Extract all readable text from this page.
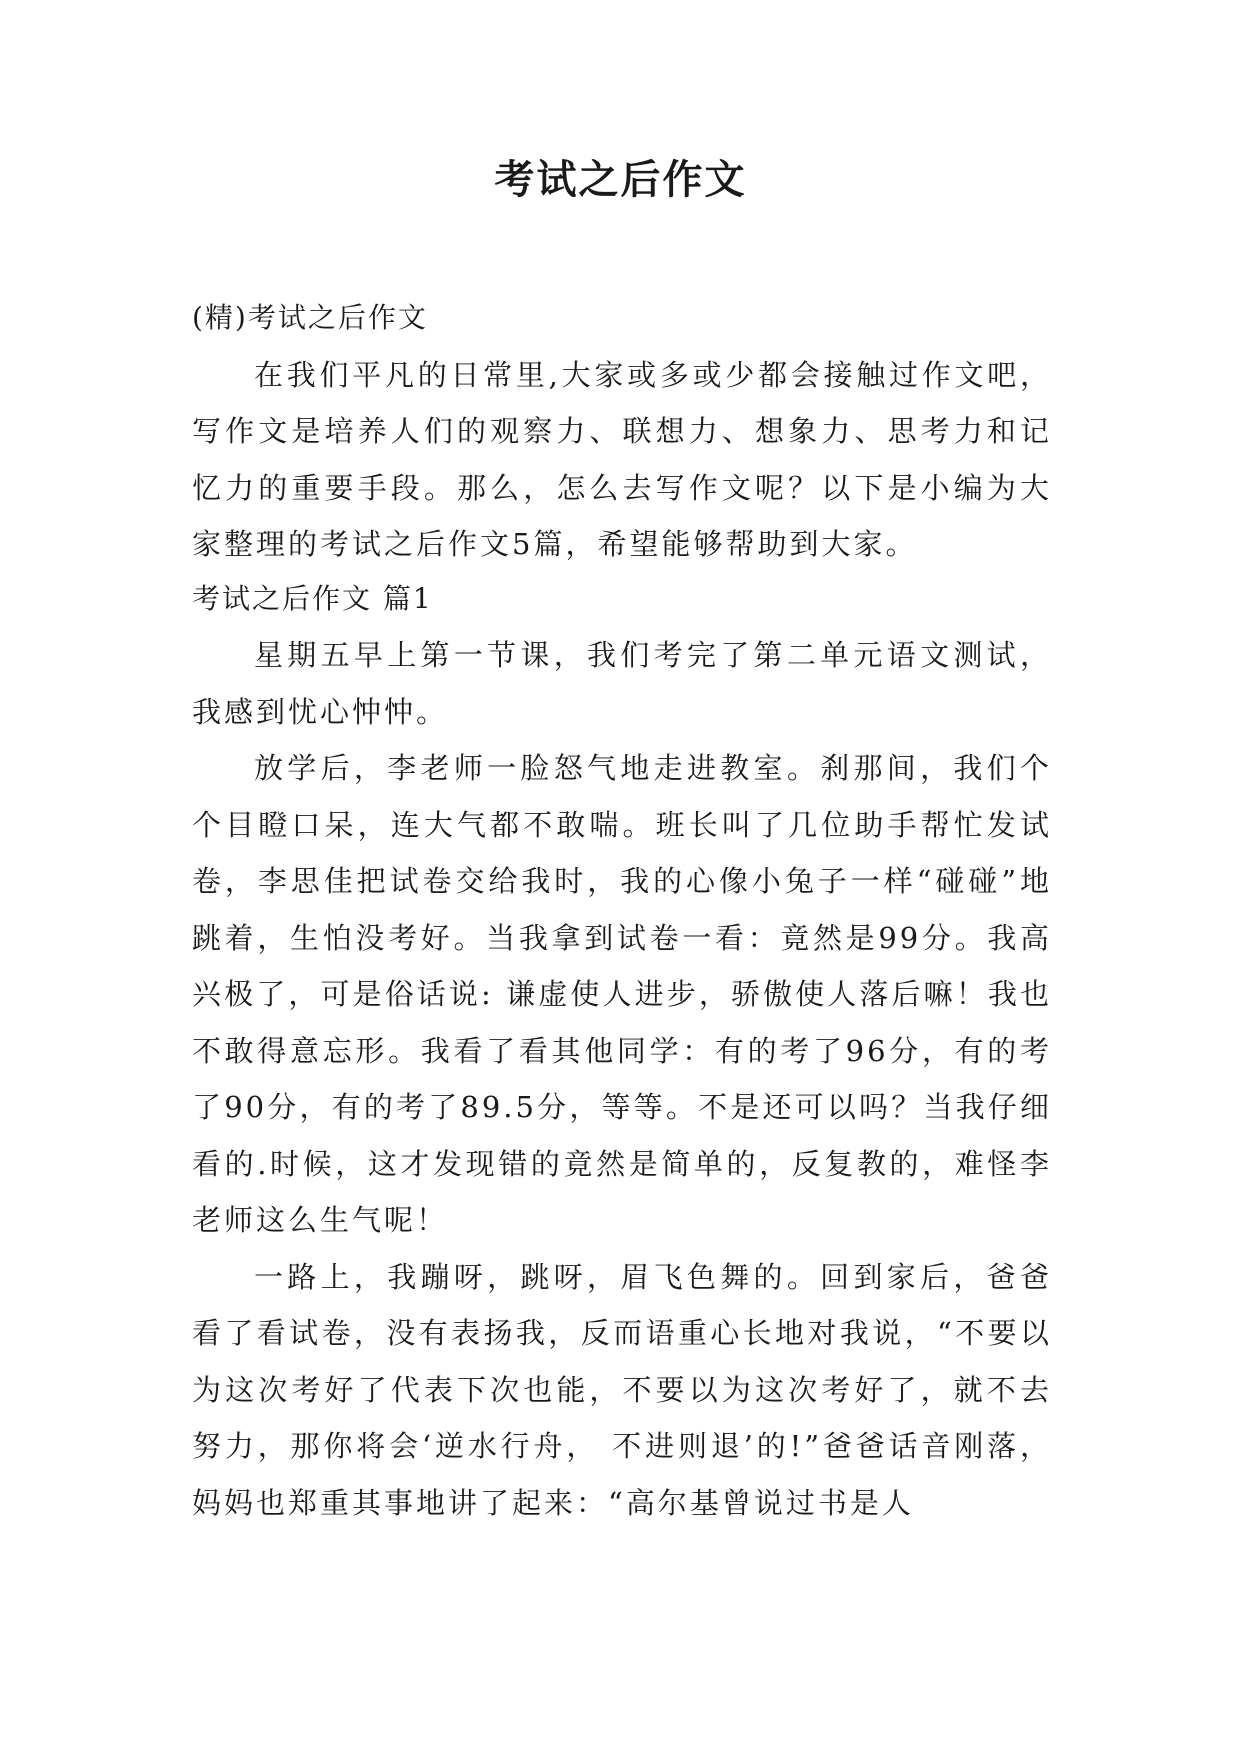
考试之后作文

(精)考试之后作文

在我们平凡的日常里,大家或多或少都会接触过作文吧，写作文是培养人们的观察力、联想力、想象力、思考力和记忆力的重要手段。那么，怎么去写作文呢？以下是小编为大家整理的考试之后作文5篇，希望能够帮助到大家。

考试之后作文 篇1

星期五早上第一节课，我们考完了第二单元语文测试，我感到忧心忡忡。

放学后，李老师一脸怒气地走进教室。刹那间，我们个个目瞪口呆，连大气都不敢喘。班长叫了几位助手帮忙发试卷，李思佳把试卷交给我时，我的心像小兔子一样“碰碰”地跳着，生怕没考好。当我拿到试卷一看：竟然是99分。我高兴极了，可是俗话说: 谦虚使人进步，骄傲使人落后嘛！我也不敢得意忘形。我看了看其他同学：有的考了96分，有的考了90分，有的考了89.5分，等等。不是还可以吗？当我仔细看的.时候，这才发现错的竟然是简单的，反复教的，难怪李老师这么生气呢！

一路上，我蹦呀，跳呀，眉飞色舞的。回到家后，爸爸看了看试卷，没有表扬我，反而语重心长地对我说，“不要以为这次考好了代表下次也能，不要以为这次考好了，就不去努力，那你将会‘逆水行舟， 不进则退’的!”爸爸话音刚落，妈妈也郑重其事地讲了起来：“高尔基曾说过书是人
